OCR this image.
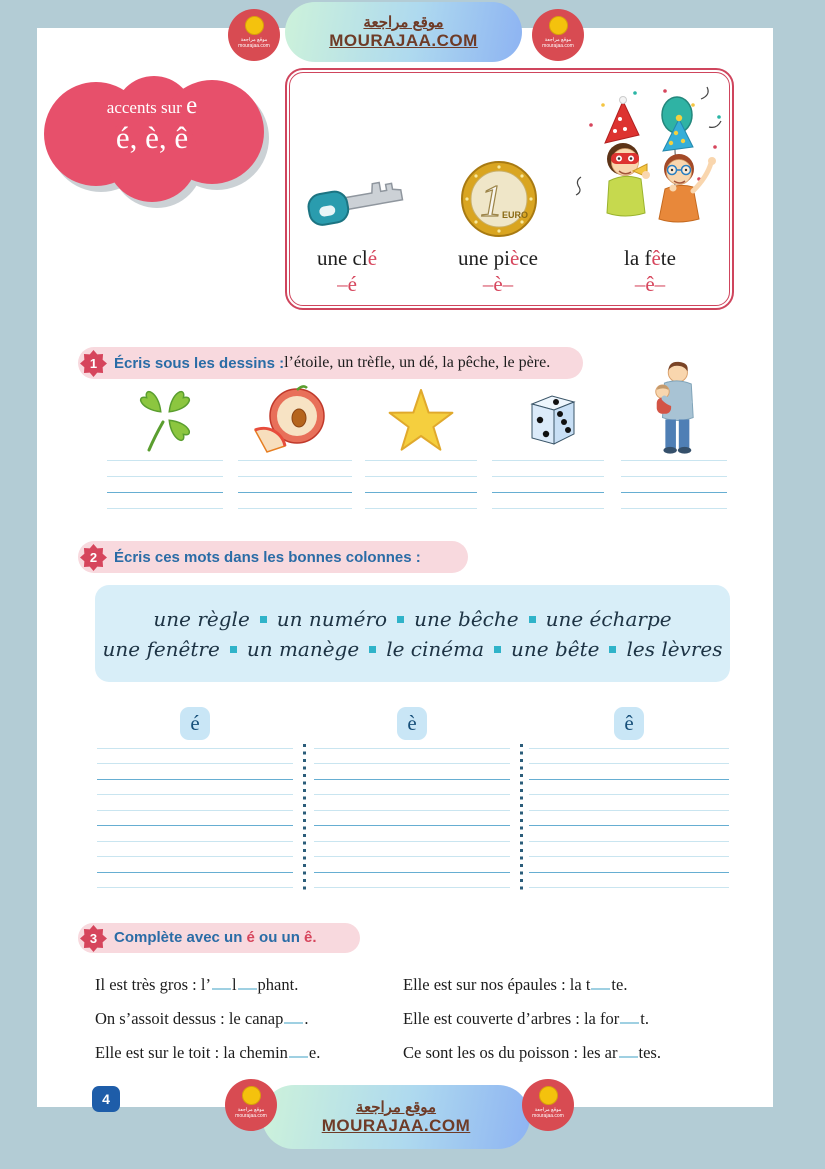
موقع مراجعة
MOURAJAA.COM
موقع مراجعة
mourajaa.com
موقع مراجعة
mourajaa.com
accents sur e
é, è, ê
1 EURO
une clé	une pièce	la fête
–é	–è–	–ê–
Écris sous les dessins : l’étoile, un trèfle, un dé, la pêche, le père.
1
Écris ces mots dans les bonnes colonnes :
2
une règle un numéro une bêche une écharpe
une fenêtre un manège le cinéma une bête les lèvres
é	è	ê
Complète avec un é ou un ê.
3
Il est très gros : l’ l phant.
On s’assoit dessus : le canap .
Elle est sur le toit : la chemin e.
Elle est sur nos épaules : la t te.
Elle est couverte d’arbres : la for t.
Ce sont les os du poisson : les ar tes.
4	موقع مراجعة
MOURAJAA.COM
موقع مراجعة
mourajaa.com
موقع مراجعة
mourajaa.com
